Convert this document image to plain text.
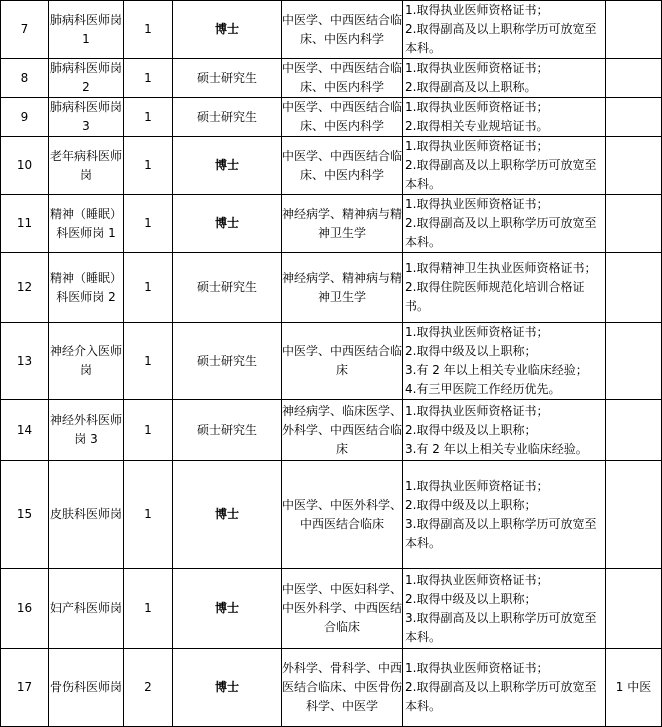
7	肺病科医师岗 1	1	博士	中医学、中西医结合临床、中医内科学	1.取得执业医师资格证书；
2.取得副高及以上职称学历可放宽至本科。	

8	肺病科医师岗 2	1	硕士研究生	中医学、中西医结合临床、中医内科学	1.取得执业医师资格证书；
2.取得副高及以上职称。	

9	肺病科医师岗 3	1	硕士研究生	中医学、中西医结合临床、中医内科学	1.取得执业医师资格证书；
2.取得相关专业规培证书。	

10	老年病科医师岗	1	博士	中医学、中西医结合临床、中医内科学	1.取得执业医师资格证书；
2.取得副高及以上职称学历可放宽至本科。	

11	精神（睡眠）科医师岗 1	1	博士	神经病学、精神病与精神卫生学	1.取得执业医师资格证书；
2.取得副高及以上职称学历可放宽至本科。	

12	精神（睡眠）科医师岗 2	1	硕士研究生	神经病学、精神病与精神卫生学	1.取得精神卫生执业医师资格证书；
2.取得住院医师规范化培训合格证书。	

13	神经介入医师岗	1	硕士研究生	中医学、中西医结合临床	1.取得执业医师资格证书；
2.取得中级及以上职称；
3.有 2 年以上相关专业临床经验；
4.有三甲医院工作经历优先。	

14	神经外科医师岗 3	1	硕士研究生	神经病学、临床医学、外科学、中西医结合临床	1.取得执业医师资格证书；
2.取得中级及以上职称；
3.有 2 年以上相关专业临床经验。	

15	皮肤科医师岗	1	博士	中医学、中医外科学、中西医结合临床	1.取得执业医师资格证书；
2.取得中级及以上职称；
3.取得副高及以上职称学历可放宽至本科。	

16	妇产科医师岗	1	博士	中医学、中医妇科学、中医外科学、中西医结合临床	1.取得执业医师资格证书；
2.取得中级及以上职称；
3.取得副高及以上职称学历可放宽至本科。	

17	骨伤科医师岗	2	博士	外科学、骨科学、中西医结合临床、中医骨伤科学、中医学	1.取得执业医师资格证书；
2.取得副高及以上职称学历可放宽至本科。	1 中医
